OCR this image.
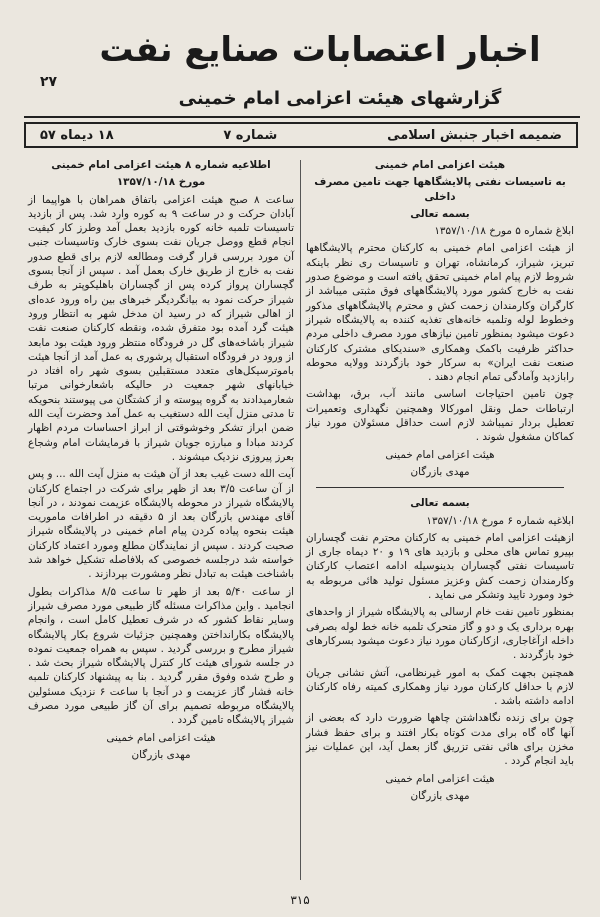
۲۷
اخبار اعتصابات صنایع نفت
گزارشهای هیئت اعزامی امام خمینی
ضمیمه اخبار جنبش اسلامی
شماره ۷
۱۸ دیماه ۵۷

هیئت اعزامی امام خمینی

به تاسیسات نفتی پالایشگاهها جهت تامین مصرف داخلی

بسمه تعالی

ابلاغ شماره ۵ مورخ ۱۳۵۷/۱۰/۱۸

از هیئت اعزامی امام خمینی به کارکنان محترم پالایشگاهها تبریز، شیراز، کرمانشاه، تهران و تاسیسات ری نظر باینکه شروط لازم پیام امام خمینی تحقق یافته است و موضوع صدور نفت به خارج کشور مورد پالایشگاههای فوق مثبتی میباشد از کارگران وکارمندان زحمت کش و محترم پالایشگاههای مذکور وخطوط لوله وتلمبه خانه‌های تغذیه کننده به پالایشگاه شیراز دعوت میشود بمنظور تامین نیازهای مورد مصرف داخلی مردم حداکثر ظرفیت باکمک وهمکاری «سندیکای مشترک کارکنان صنعت نفت ایران» به سرکار خود بازگردند وولایه محوطه رابازدید وآمادگی تمام انجام دهند .

چون تامین احتیاجات اساسی مانند آب، برق، بهداشت ارتباطات حمل ونقل امورکالا وهمچنین نگهداری وتعمیرات تعطیل بردار نمیباشد لازم است حداقل مسئولان مورد نیاز کماکان مشغول شوند .

هیئت اعزامی امام خمینی

مهدی بازرگان

بسمه تعالی

ابلاغیه شماره ۶ مورخ ۱۳۵۷/۱۰/۱۸

ازهیئت اعزامی امام خمینی به کارکنان محترم نفت گچساران بپیرو تماس های محلی و بازدید های ۱۹ و ۲۰ دیماه جاری از تاسیسات نفتی گچساران بدینوسیله ادامه اعتصاب کارکنان وکارمندان زحمت کش وعزیز مسئول تولید هائی مربوطه به خود ومورد تایید وتشکر می نماید .

بمنظور تامین نفت خام ارسالی به پالایشگاه شیراز از واحدهای بهره برداری یک و دو و گاز متحرک تلمبه خانه خط لوله بصرفی داخله ازآغاجاری، ازکارکنان مورد نیاز دعوت میشود بسرکارهای خود بازگردند .

همچنین بجهت کمک به امور غیرنظامی، آتش نشانی جریان لازم با حداقل کارکنان مورد نیاز وهمکاری کمیته رفاه کارکنان ادامه داشته باشد .

چون برای زنده نگاهداشتن چاهها ضرورت دارد که بعضی از آنها گاه گاه برای مدت کوتاه بکار افتند و برای حفظ فشار مخزن برای هائی نفتی تزریق گاز بعمل آید، این عملیات نیز باید انجام گردد .

هیئت اعزامی امام خمینی

مهدی بازرگان

اطلاعیه شماره ۸ هیئت اعزامی امام خمینی

مورخ ۱۳۵۷/۱۰/۱۸

ساعت ۸ صبح هیئت اعزامی باتفاق همراهان با هواپیما از آبادان حرکت و در ساعت ۹ به کوره وارد شد. پس از بازدید تاسیسات تلمبه خانه کوره بازدید بعمل آمد وطرز کار کیفیت انجام قطع ووصل جریان نفت بسوی خارک وتاسیسات جنبی آن مورد بررسی قرار گرفت ومطالعه لازم برای قطع صدور نفت به خارج از طریق خارک بعمل آمد . سپس از آنجا بسوی گچساران پرواز کرده پس از گچساران باهلیکوپتر به طرف شیراز حرکت نمود به بیانگردیگر خبرهای بین راه ورود عده‌ای از اهالی شیراز که در رسید ان مدخل شهر به انتظار ورود هیئت گرد آمده بود متفرق شده، ونقطه کارکنان صنعت نفت شیراز باشاخه‌های گل در فرودگاه منتظر ورود هیئت بود مابعد از ورود در فرودگاه استقبال پرشوری به عمل آمد از آنجا هیئت باموترسیکل‌های متعدد مستقبلین بسوی شهر راه افتاد در خیابانهای شهر جمعیت در حالیکه باشعارخوانی مرتبا شعارمیدادند به گروه پیوسته و از کشتگان می پیوستند بنحویکه تا مدتی منزل آیت الله دستغیب به عمل آمد وحضرت آیت الله ضمن ابراز تشکر وخوشوقتی از ابراز احساسات مردم اظهار کردند مبادا و مبارزه جویان شیراز با فرمایشات امام وشجاع بعرز پیروزی نزدیک میشوند .

آیت الله دست غیب بعد از آن هیئت به منزل آیت الله ... و پس از آن ساعت ۳/۵ بعد از ظهر برای شرکت در اجتماع کارکنان پالایشگاه شیراز در محوطه پالایشگاه عزیمت نمودند ، در آنجا آقای مهندس بازرگان بعد از ۵ دقیقه در اطرافات ماموریت هیئت بنحوه پیاده کردن پیام امام خمینی در پالایشگاه شیراز صحبت کردند . سپس از نمایندگان مطلع ومورد اعتماد کارکنان خواسته شد درجلسه خصوصی که بلافاصله تشکیل خواهد شد باشناخت هیئت به تبادل نظر ومشورت بپردازند .

از ساعت ۵/۴۰ بعد از ظهر تا ساعت ۸/۵ مذاکرات بطول انجامید . واین مذاکرات مسئله گاز طبیعی مورد مصرف شیراز وسایر نقاط کشور که در شرف تعطیل کامل است ، وانجام پالایشگاه بکارانداختن وهمچنین جزئیات شروع بکار پالایشگاه شیراز مطرح و بررسی گردید . سپس به همراه جمعیت نموده در جلسه شورای هیئت کار کنترل پالایشگاه شیراز بحث شد . و طرح شده وفوق مقرر گردید . بنا به پیشنهاد کارکنان تلمبه خانه فشار گاز عزیمت و در آنجا با ساعت ۶ نزدیک مسئولین پالایشگاه مربوطه تصمیم برای آن گاز طبیعی مورد مصرف شیراز پالایشگاه تامین گردد .

هیئت اعزامی امام خمینی

مهدی بازرگان

۳۱۵
